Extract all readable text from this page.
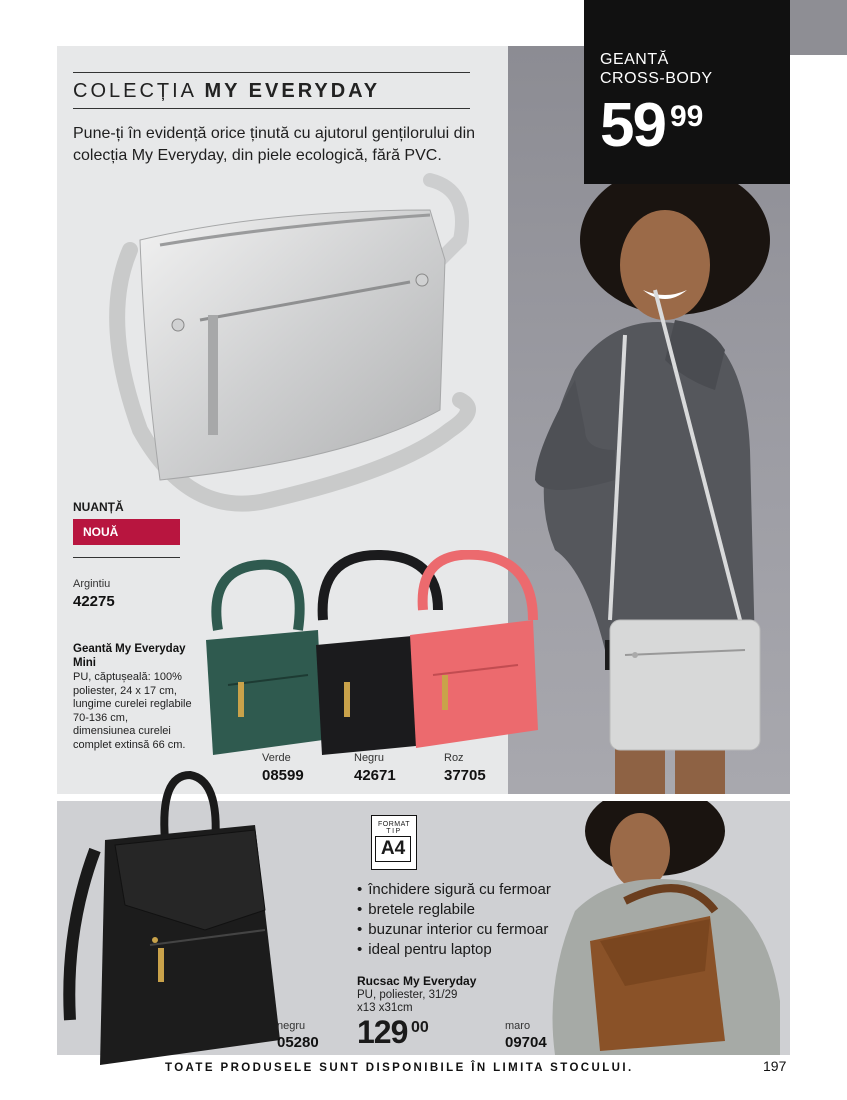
GEANTĂ
CROSS-BODY
59 99
COLECȚIA MY EVERYDAY
Pune-ți în evidență orice ținută cu ajutorul gențilorului din colecția My Everyday, din piele ecologică, fără PVC.
NUANȚĂ
NOUĂ
Argintiu
42275
Geantă My Everyday Mini
PU, căptușeală: 100% poliester, 24 x 17 cm, lungime curelei reglabile 70-136 cm, dimensiunea curelei complet extinsă 66 cm.
Verde
08599
Negru
42671
Roz
37705
FORMAT
TIP
A4
• închidere sigură cu fermoar
• bretele reglabile
• buzunar interior cu fermoar
• ideal pentru laptop
Rucsac My Everyday
PU, poliester, 31/29 x13 x31cm
129 00
negru
05280
maro
09704
TOATE PRODUSELE SUNT DISPONIBILE ÎN LIMITA STOCULUI.	197
